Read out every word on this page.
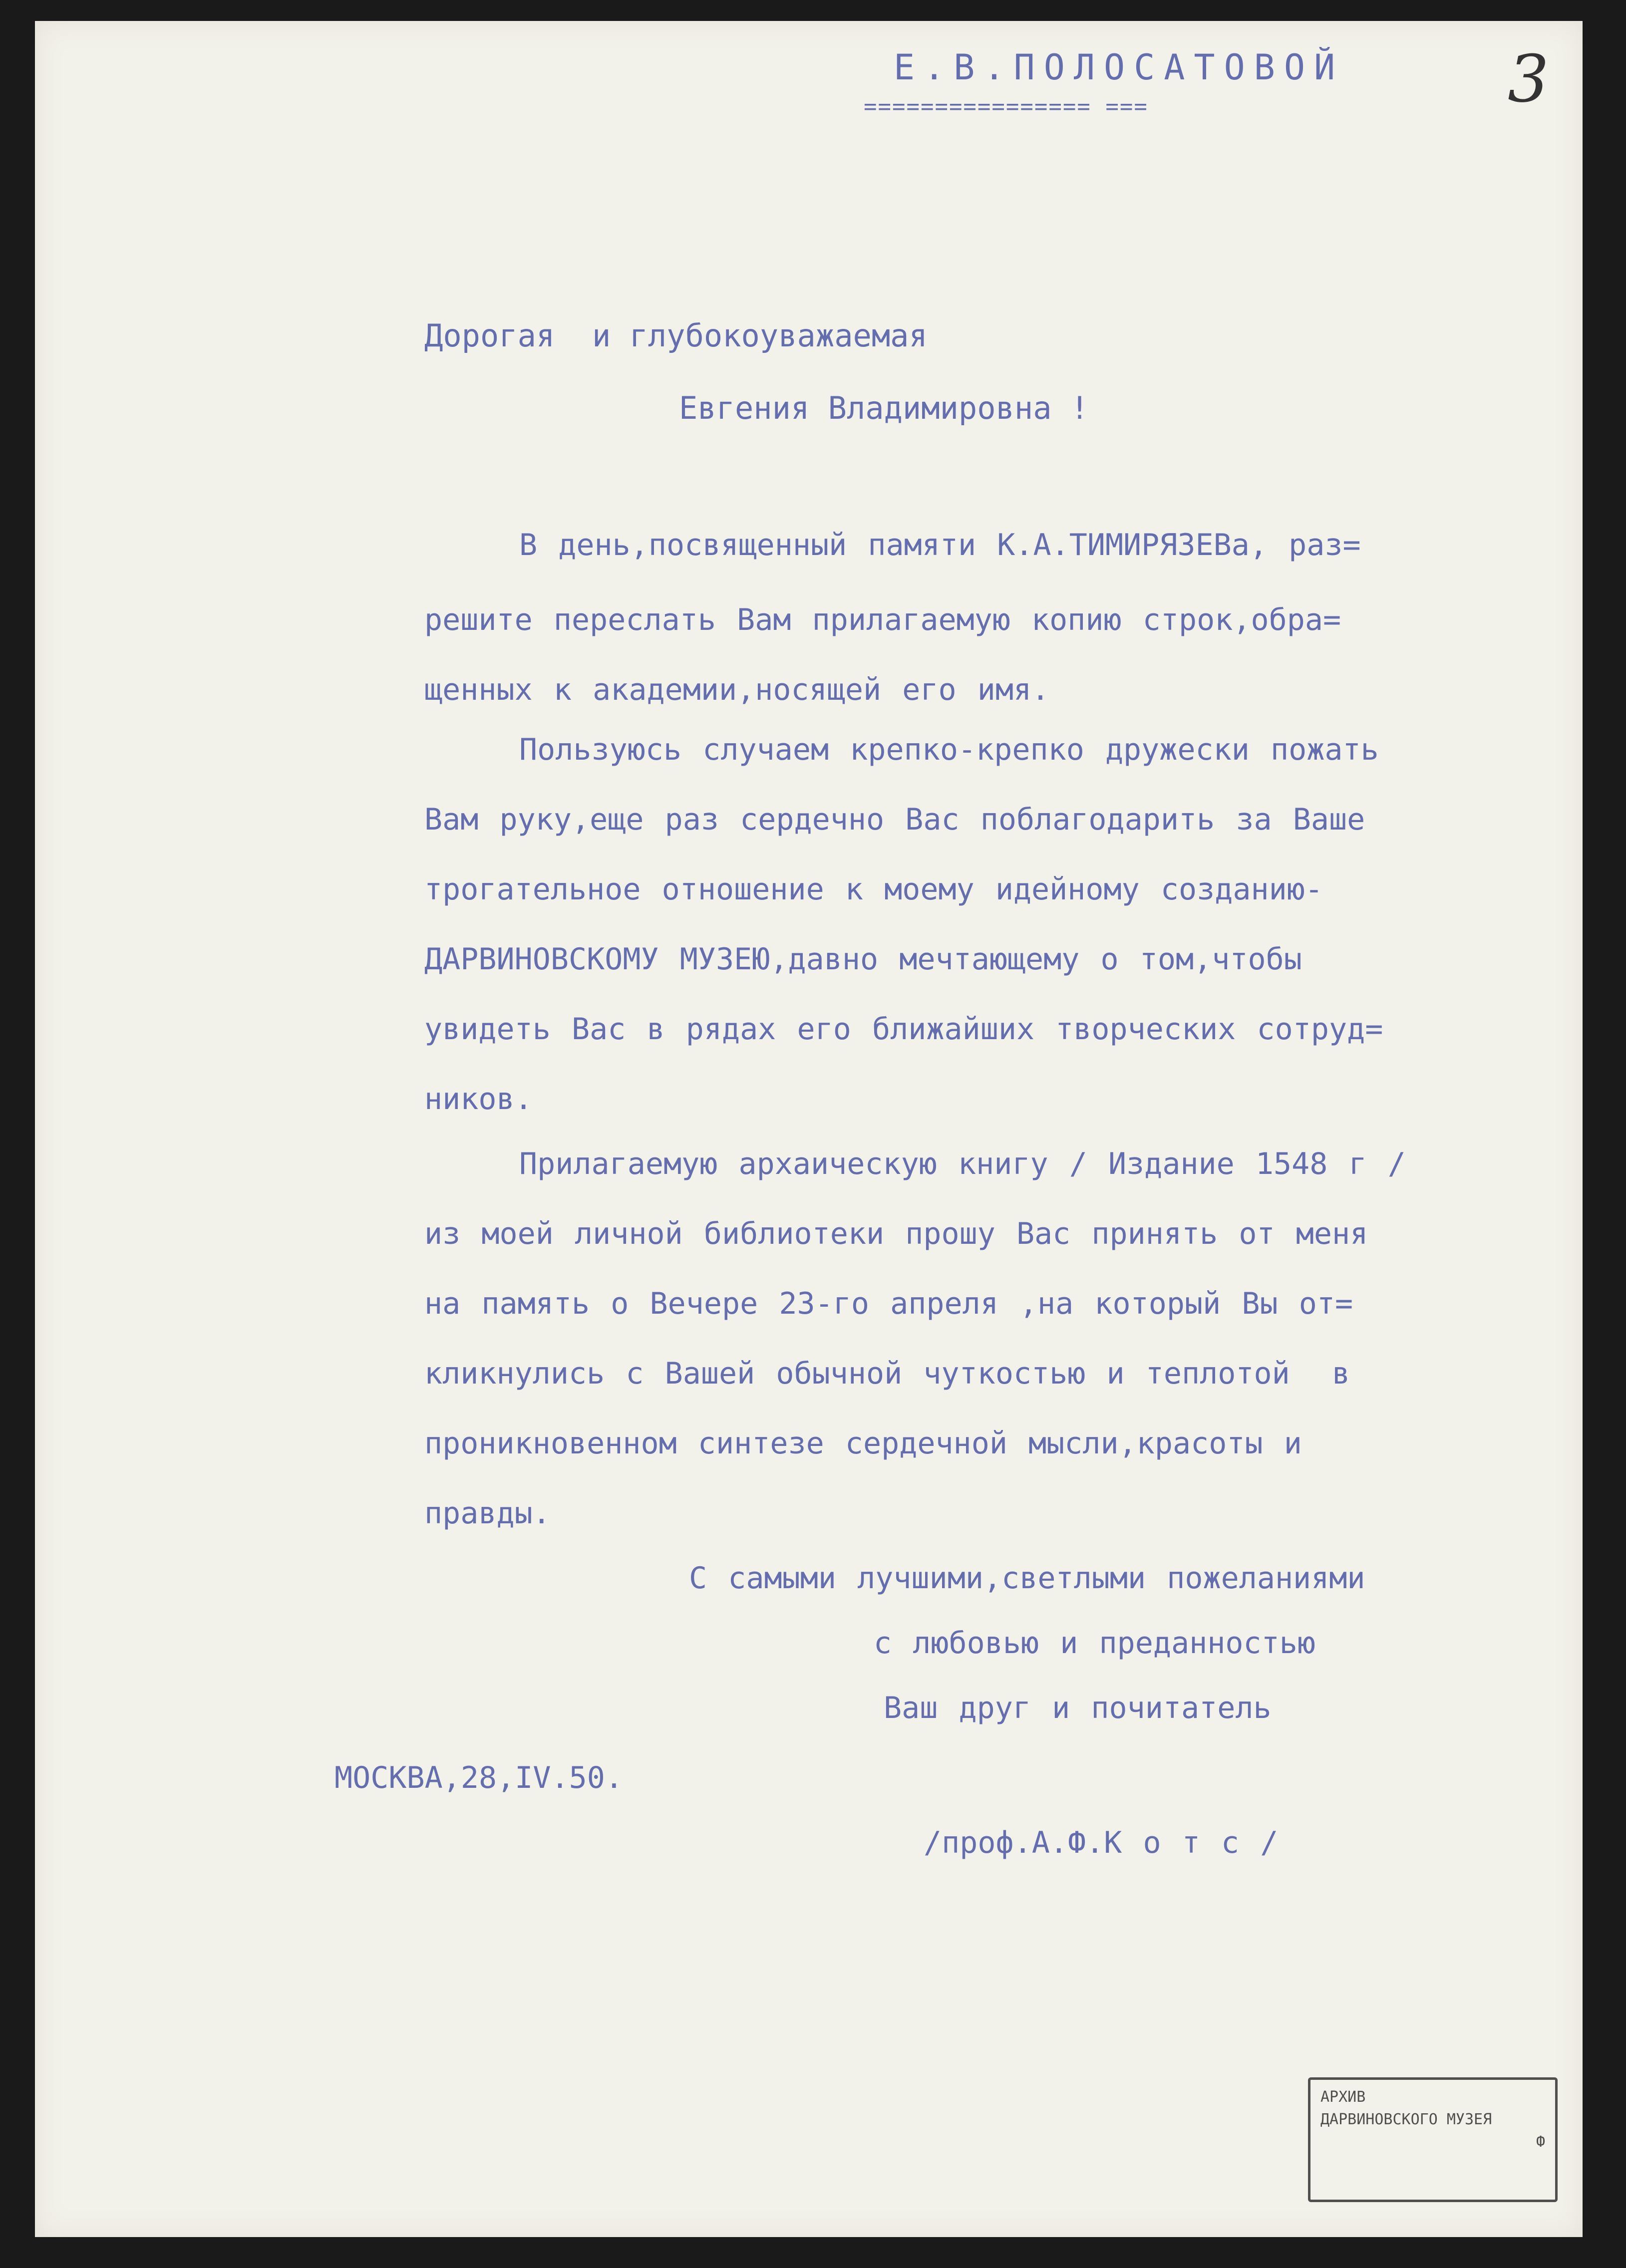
Е.В.ПОЛОСАТОВОЙ
================ ===	3
Дорогая  и глубокоуважаемая
Евгения Владимировна !
В день,посвященный памяти К.А.ТИМИРЯЗЕВа, раз=
решите переслать Вам прилагаемую копию строк,обра=
щенных к академии,носящей его имя.
Пользуюсь случаем крепко-крепко дружески пожать
Вам руку,еще раз сердечно Вас поблагодарить за Ваше
трогательное отношение к моему идейному созданию-
ДАРВИНОВСКОМУ МУЗЕЮ,давно мечтающему о том,чтобы
увидеть Вас в рядах его ближайших творческих сотруд=
ников.
Прилагаемую архаическую книгу / Издание 1548 г /
из моей личной библиотеки прошу Вас принять от меня
на память о Вечере 23-го апреля ,на который Вы от=
кликнулись с Вашей обычной чуткостью и теплотой  в
проникновенном синтезе сердечной мысли,красоты и
правды.
С самыми лучшими,светлыми пожеланиями
с любовью и преданностью
Ваш друг и почитатель
МОСКВА,28,IV.50.
/проф.А.Ф.К о т с /
АРХИВ
ДАРВИНОВСКОГО МУЗЕЯ
Ф
